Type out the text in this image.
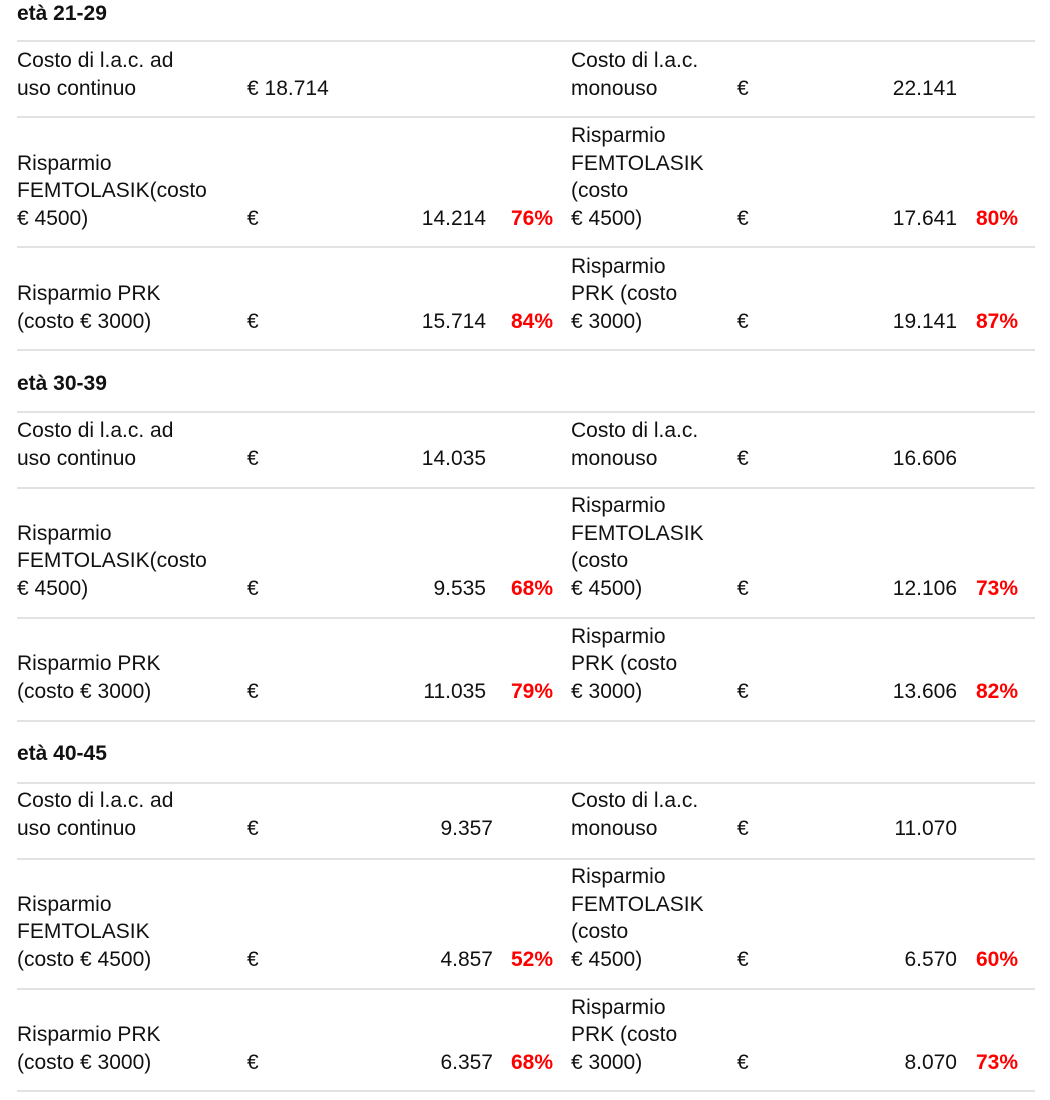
età 21-29
Costo di l.a.c. ad
uso continuo	€ 18.714
Costo di l.a.c.
monouso	€	22.141
Risparmio
FEMTOLASIK(costo
€ 4500)	€	14.214 76%
Risparmio
FEMTOLASIK
(costo
€ 4500)	€	17.641 80%
Risparmio PRK
(costo € 3000)	€	15.714 84%
Risparmio
PRK (costo
€ 3000)	€	19.141 87%
età 30-39
Costo di l.a.c. ad
uso continuo	€	14.035
Costo di l.a.c.
monouso	€	16.606
Risparmio
FEMTOLASIK(costo
€ 4500)	€	9.535 68%
Risparmio
FEMTOLASIK
(costo
€ 4500)	€	12.106 73%
Risparmio PRK
(costo € 3000)	€	11.035 79%
Risparmio
PRK (costo
€ 3000)	€	13.606 82%
età 40-45
Costo di l.a.c. ad
uso continuo	€	9.357
Costo di l.a.c.
monouso	€	11.070
Risparmio
FEMTOLASIK
(costo € 4500)	€	4.857 52%
Risparmio
FEMTOLASIK
(costo
€ 4500)	€	6.570 60%
Risparmio PRK
(costo € 3000)	€	6.357 68%
Risparmio
PRK (costo
€ 3000)	€	8.070 73%
